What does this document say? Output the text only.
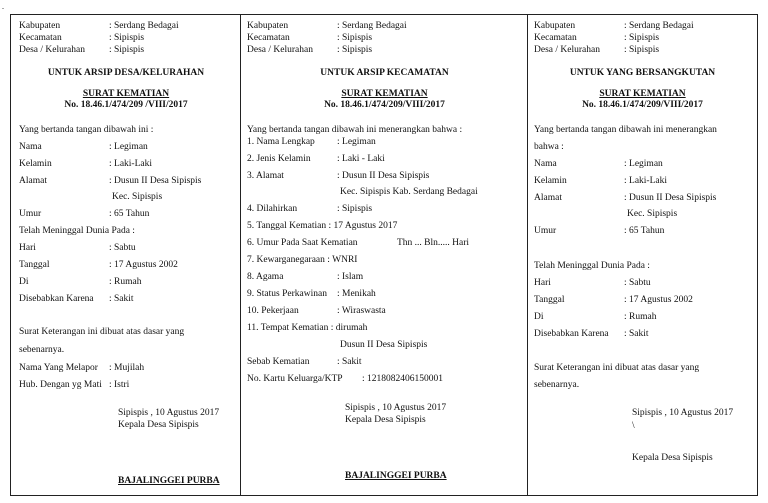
.
Kabupaten	: Serdang Bedagai
Kecamatan	: Sipispis
Desa / Kelurahan	: Sipispis
UNTUK ARSIP DESA/KELURAHAN
SURAT KEMATIAN
No. 18.46.1/474/209 /VIII/2017
Yang bertanda tangan dibawah ini :
Nama	: Legiman
Kelamin	: Laki-Laki
Alamat	: Dusun II Desa Sipispis
Kec. Sipispis
Umur	: 65 Tahun
Telah Meninggal Dunia Pada :
Hari	: Sabtu
Tanggal	: 17 Agustus 2002
Di	: Rumah
Disebabkan Karena : Sakit
Surat Keterangan ini dibuat atas dasar yang
sebenarnya.
Nama Yang Melapor : Mujilah
Hub. Dengan yg Mati : Istri
Sipispis , 10 Agustus 2017
Kepala Desa Sipispis
BAJALINGGEI PURBA
Kabupaten	: Serdang Bedagai
Kecamatan	: Sipispis
Desa / Kelurahan	: Sipispis
UNTUK ARSIP KECAMATAN
SURAT KEMATIAN
No. 18.46.1/474/209/VIII/2017
Yang bertanda tangan dibawah ini menerangkan bahwa :
1. Nama Lengkap : Legiman
2. Jenis Kelamin	: Laki - Laki
3. Alamat	: Dusun II Desa Sipispis
Kec. Sipispis Kab. Serdang Bedagai
4. Dilahirkan	: Sipispis
5. Tanggal Kematian : 17 Agustus 2017
6. Umur Pada Saat Kematian	Thn ... Bln..... Hari
7. Kewarganegaraan : WNRI
8. Agama	: Islam
9. Status Perkawinan : Menikah
10. Pekerjaan	: Wiraswasta
11. Tempat Kematian : dirumah
Dusun II Desa Sipispis
Sebab Kematian	: Sakit
No. Kartu Keluarga/KTP : 1218082406150001
Sipispis , 10 Agustus 2017
Kepala Desa Sipispis
BAJALINGGEI PURBA
Kabupaten	: Serdang Bedagai
Kecamatan	: Sipispis
Desa / Kelurahan	: Sipispis
UNTUK YANG BERSANGKUTAN
SURAT KEMATIAN
No. 18.46.1/474/209/VIII/2017
Yang bertanda tangan dibawah ini menerangkan
bahwa :
Nama	: Legiman
Kelamin	: Laki-Laki
Alamat	: Dusun II Desa Sipispis
Kec. Sipispis
Umur	: 65 Tahun
Telah Meninggal Dunia Pada :
Hari	: Sabtu
Tanggal	: 17 Agustus 2002
Di	: Rumah
Disebabkan Karena : Sakit
Surat Keterangan ini dibuat atas dasar yang
sebenarnya.
Sipispis , 10 Agustus 2017
\
Kepala Desa Sipispis
